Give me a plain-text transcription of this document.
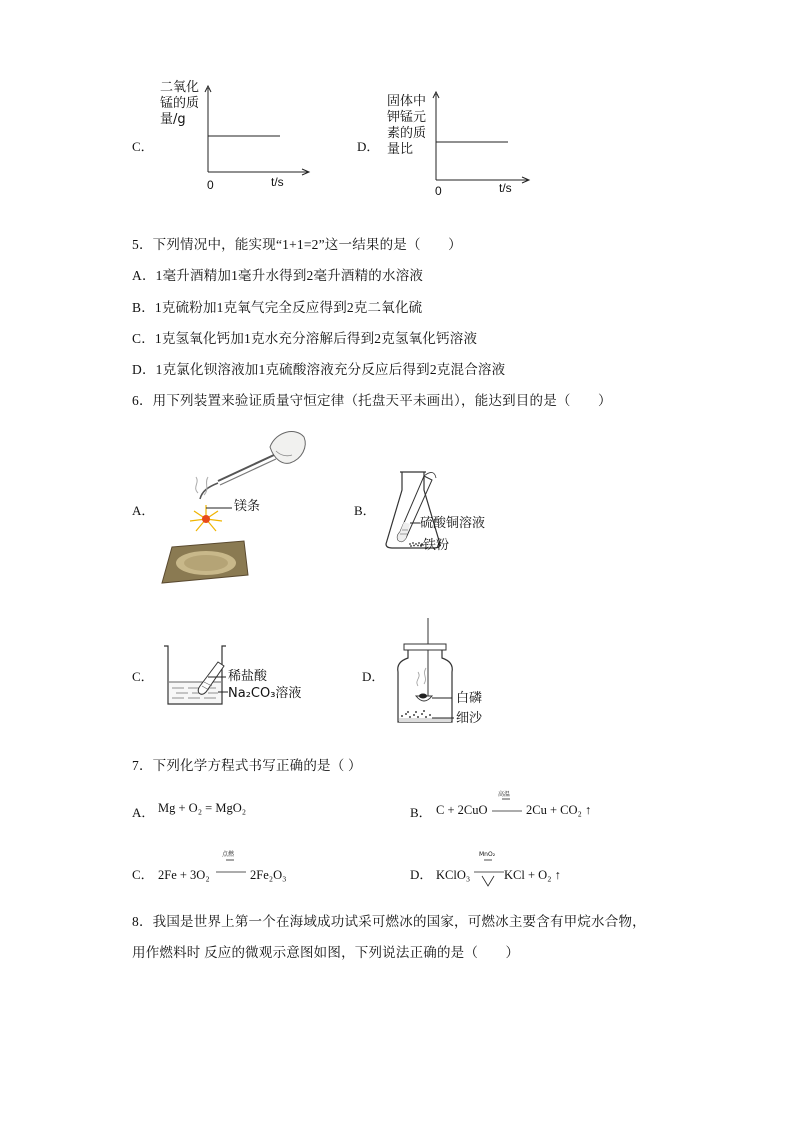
C．
二氧化
锰的质
量/g
0	t/s
D．
固体中
钾锰元
素的质
量比
0	t/s
5．下列情况中，能实现“1+1=2”这一结果的是（　　）
A．1毫升酒精加1毫升水得到2毫升酒精的水溶液
B．1克硫粉加1克氧气完全反应得到2克二氧化硫
C．1克氢氧化钙加1克水充分溶解后得到2克氢氧化钙溶液
D．1克氯化钡溶液加1克硫酸溶液充分反应后得到2克混合溶液
6．用下列装置来验证质量守恒定律（托盘天平未画出），能达到目的是（　　）
A．	镁条	B．
硫酸铜溶液
铁粉
C．	稀盐酸
Na₂CO₃溶液
D．
白磷
细沙
7．下列化学方程式书写正确的是（ ）
A． Mg + O₂ = MgO₂	B． C + 2CuO
高温
2Cu + CO₂ ↑
C． 2Fe + 3O₂
点燃
2Fe₂O₃	D． KClO₃
MnO₂
KCl + O₂ ↑
8．我国是世界上第一个在海域成功试采可燃冰的国家，可燃冰主要含有甲烷水合物，
用作燃料时 反应的微观示意图如图，下列说法正确的是（　　）
